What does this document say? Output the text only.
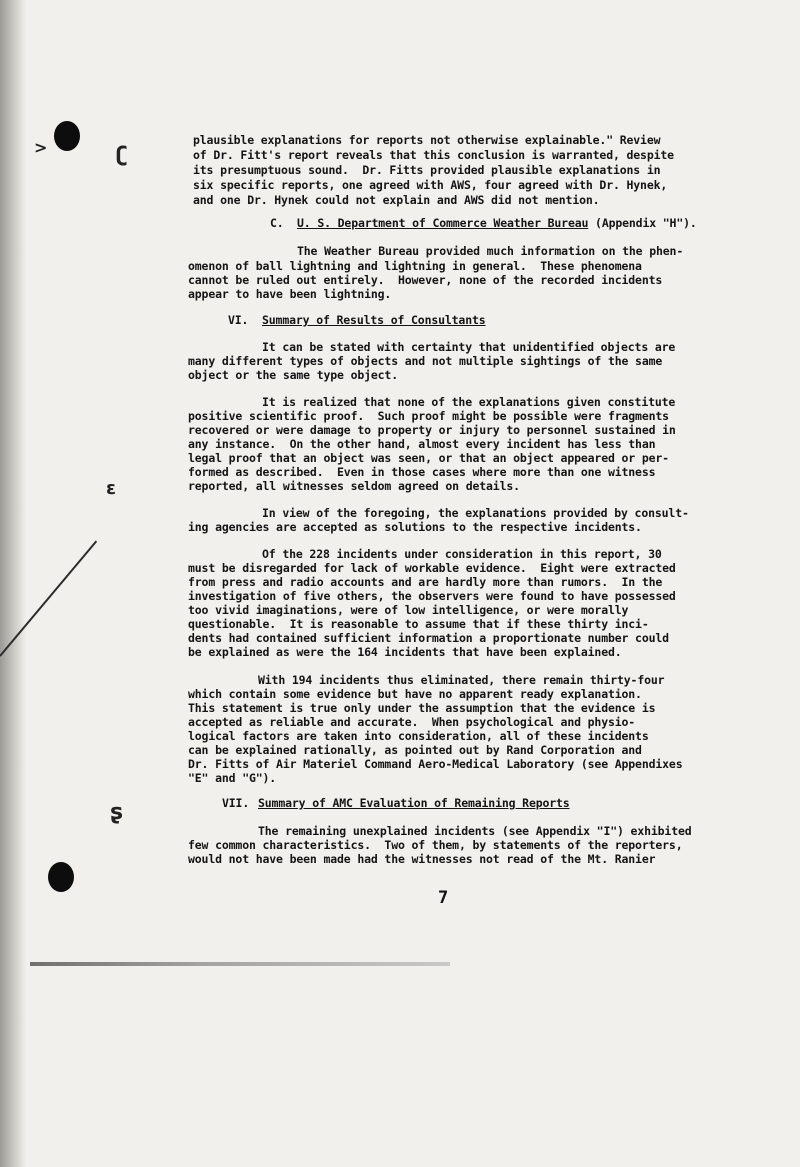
>	ʗ
ɛ
ʂ
plausible explanations for reports not otherwise explainable." Review
of Dr. Fitt's report reveals that this conclusion is warranted, despite
its presumptuous sound.  Dr. Fitts provided plausible explanations in
six specific reports, one agreed with AWS, four agreed with Dr. Hynek,
and one Dr. Hynek could not explain and AWS did not mention.
C. U. S. Department of Commerce Weather Bureau (Appendix "H").
The Weather Bureau provided much information on the phen-
omenon of ball lightning and lightning in general.  These phenomena
cannot be ruled out entirely.  However, none of the recorded incidents
appear to have been lightning.
VI. Summary of Results of Consultants
It can be stated with certainty that unidentified objects are
many different types of objects and not multiple sightings of the same
object or the same type object.
It is realized that none of the explanations given constitute
positive scientific proof.  Such proof might be possible were fragments
recovered or were damage to property or injury to personnel sustained in
any instance.  On the other hand, almost every incident has less than
legal proof that an object was seen, or that an object appeared or per-
formed as described.  Even in those cases where more than one witness
reported, all witnesses seldom agreed on details.
In view of the foregoing, the explanations provided by consult-
ing agencies are accepted as solutions to the respective incidents.
Of the 228 incidents under consideration in this report, 30
must be disregarded for lack of workable evidence.  Eight were extracted
from press and radio accounts and are hardly more than rumors.  In the
investigation of five others, the observers were found to have possessed
too vivid imaginations, were of low intelligence, or were morally
questionable.  It is reasonable to assume that if these thirty inci-
dents had contained sufficient information a proportionate number could
be explained as were the 164 incidents that have been explained.
With 194 incidents thus eliminated, there remain thirty-four
which contain some evidence but have no apparent ready explanation.
This statement is true only under the assumption that the evidence is
accepted as reliable and accurate.  When psychological and physio-
logical factors are taken into consideration, all of these incidents
can be explained rationally, as pointed out by Rand Corporation and
Dr. Fitts of Air Materiel Command Aero-Medical Laboratory (see Appendixes
"E" and "G").
VII. Summary of AMC Evaluation of Remaining Reports
The remaining unexplained incidents (see Appendix "I") exhibited
few common characteristics.  Two of them, by statements of the reporters,
would not have been made had the witnesses not read of the Mt. Ranier
7
